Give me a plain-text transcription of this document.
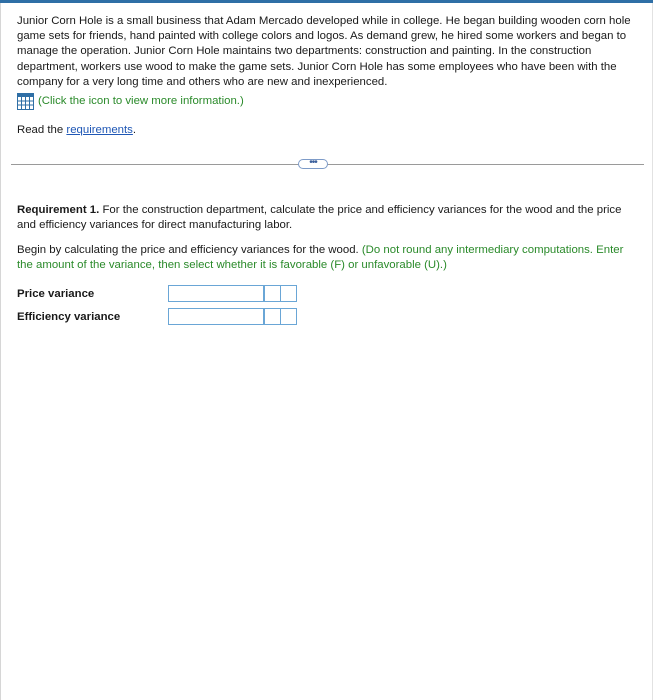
Junior Corn Hole is a small business that Adam Mercado developed while in college. He began building wooden corn hole game sets for friends, hand painted with college colors and logos. As demand grew, he hired some workers and began to manage the operation. Junior Corn Hole maintains two departments: construction and painting. In the construction department, workers use wood to make the game sets. Junior Corn Hole has some employees who have been with the company for a very long time and others who are new and inexperienced.

(Click the icon to view more information.)

Read the requirements.

•••

Requirement 1. For the construction department, calculate the price and efficiency variances for the wood and the price and efficiency variances for direct manufacturing labor.

Begin by calculating the price and efficiency variances for the wood. (Do not round any intermediary computations. Enter the amount of the variance, then select whether it is favorable (F) or unfavorable (U).)

Price variance
Efficiency variance
